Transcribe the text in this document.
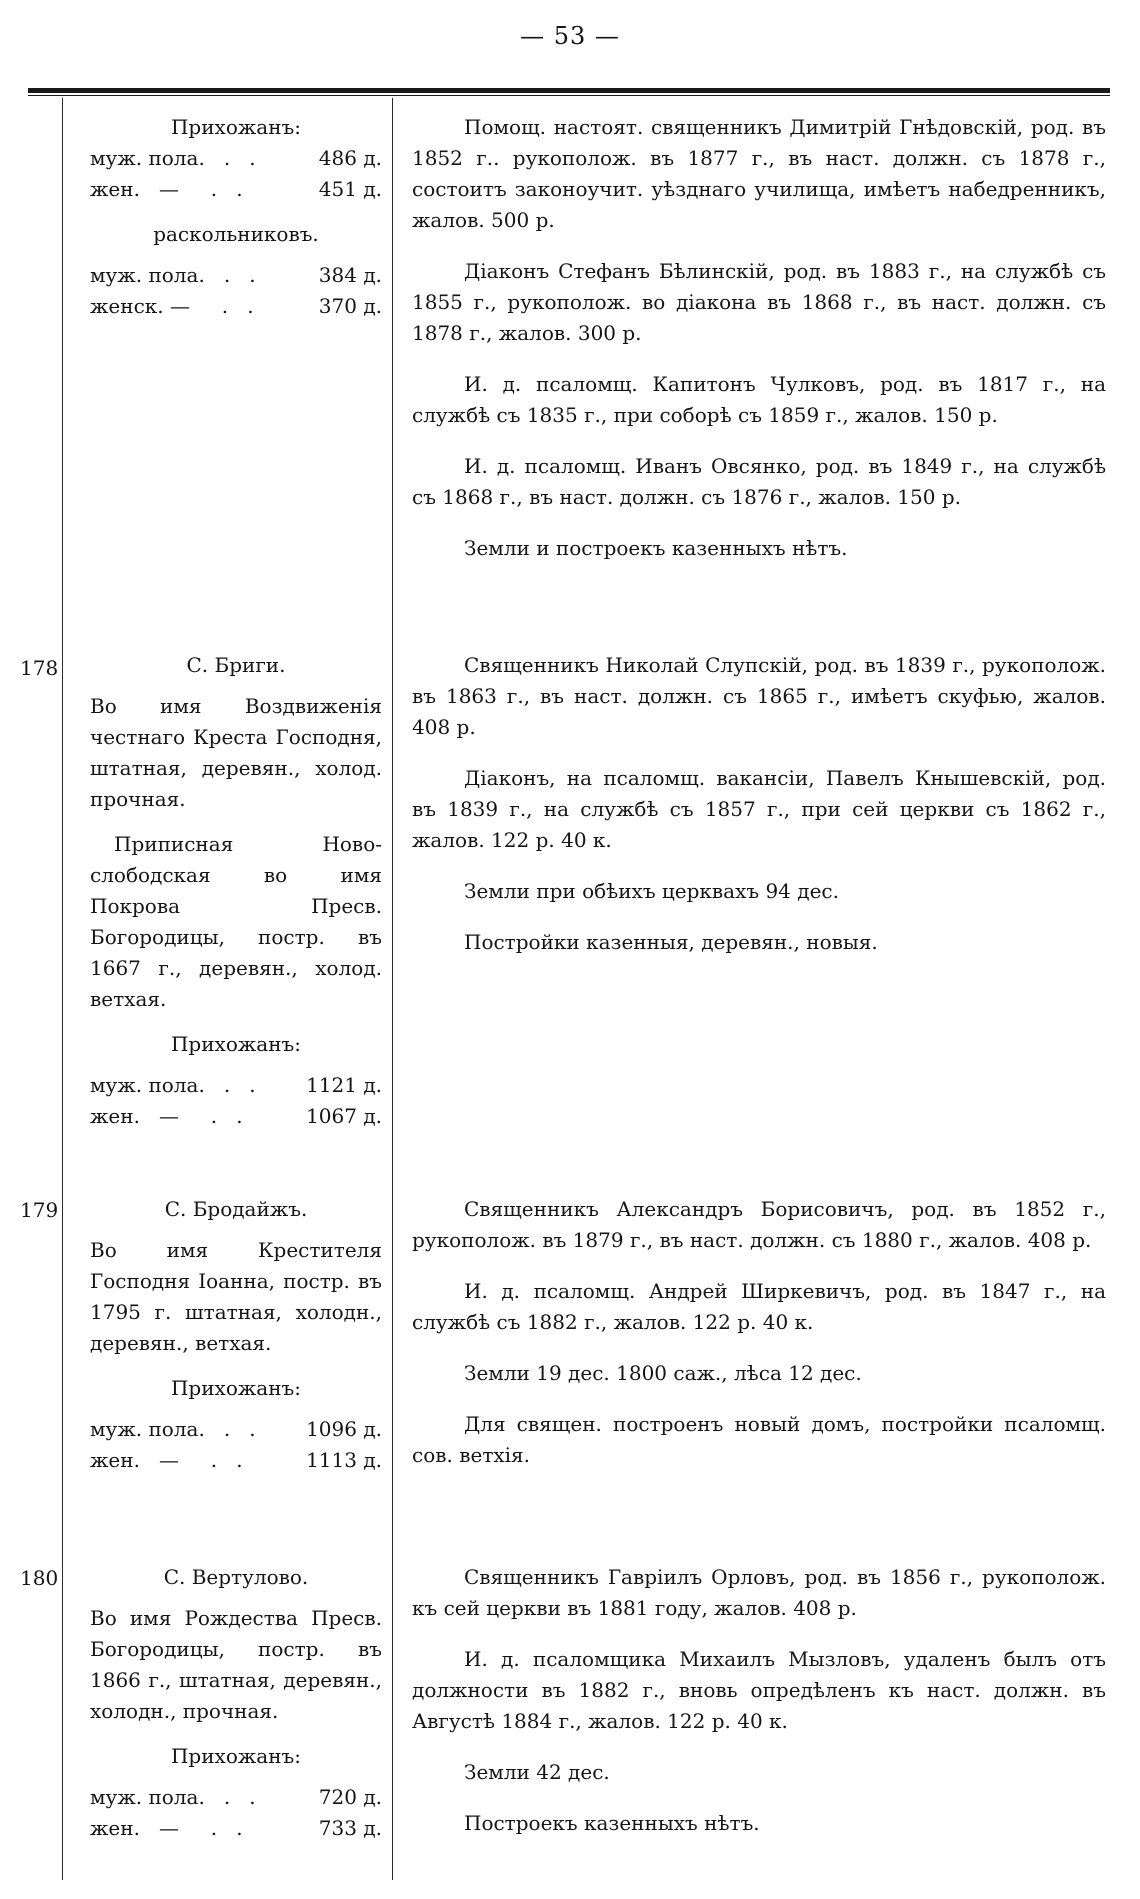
— 53 —
Прихожанъ:
муж. пола.   .   .	486 д.
жен.   —     .   .	451 д.
раскольниковъ.
муж. пола.   .   .	384 д.
женск. —     .   .	370 д.

Помощ. настоят. священникъ Димитрій Гнѣдовскій, род. въ 1852 г.. рукополож. въ 1877 г., въ наст. должн. съ 1878 г., состоитъ законоучит. уѣзднаго училища, имѣетъ набедренникъ, жалов. 500 р.

Діаконъ Стефанъ Бѣлинскій, род. въ 1883 г., на службѣ съ 1855 г., рукополож. во діакона въ 1868 г., въ наст. должн. съ 1878 г., жалов. 300 р.

И. д. псаломщ. Капитонъ Чулковъ, род. въ 1817 г., на службѣ съ 1835 г., при соборѣ съ 1859 г., жалов. 150 р.

И. д. псаломщ. Иванъ Овсянко, род. въ 1849 г., на службѣ съ 1868 г., въ наст. должн. съ 1876 г., жалов. 150 р.

Земли и построекъ казенныхъ нѣтъ.

178	С. Бриги.
Во имя Воздвиженія честнаго Креста Господня, штатная, деревян., холод. прочная.
Приписная Ново-слободская во имя Покрова Пресв. Богородицы, постр. въ 1667 г., деревян., холод. ветхая.
Прихожанъ:
муж. пола.   .   .	1121 д.
жен.   —     .   .	1067 д.

Священникъ Николай Слупскій, род. въ 1839 г., рукополож. въ 1863 г., въ наст. должн. съ 1865 г., имѣетъ скуфью, жалов. 408 р.

Діаконъ, на псаломщ. вакансіи, Павелъ Кнышевскій, род. въ 1839 г., на службѣ съ 1857 г., при сей церкви съ 1862 г., жалов. 122 р. 40 к.

Земли при обѣихъ церквахъ 94 дес.

Постройки казенныя, деревян., новыя.

179	С. Бродайжъ.
Во имя Крестителя Господня Іоанна, постр. въ 1795 г. штатная, холодн., деревян., ветхая.
Прихожанъ:
муж. пола.   .   .	1096 д.
жен.   —     .   .	1113 д.

Священникъ Александръ Борисовичъ, род. въ 1852 г., рукополож. въ 1879 г., въ наст. должн. съ 1880 г., жалов. 408 р.

И. д. псаломщ. Андрей Ширкевичъ, род. въ 1847 г., на службѣ съ 1882 г., жалов. 122 р. 40 к.

Земли 19 дес. 1800 саж., лѣса 12 дес.

Для священ. построенъ новый домъ, постройки псаломщ. сов. ветхія.

180	С. Вертулово.
Во имя Рождества Пресв. Богородицы, постр. въ 1866 г., штатная, деревян., холодн., прочная.
Прихожанъ:
муж. пола.   .   .	720 д.
жен.   —     .   .	733 д.

Священникъ Гавріилъ Орловъ, род. въ 1856 г., рукополож. къ сей церкви въ 1881 году, жалов. 408 р.

И. д. псаломщика Михаилъ Мызловъ, удаленъ былъ отъ должности въ 1882 г., вновь опредѣленъ къ наст. должн. въ Августѣ 1884 г., жалов. 122 р. 40 к.

Земли 42 дес.

Построекъ казенныхъ нѣтъ.
